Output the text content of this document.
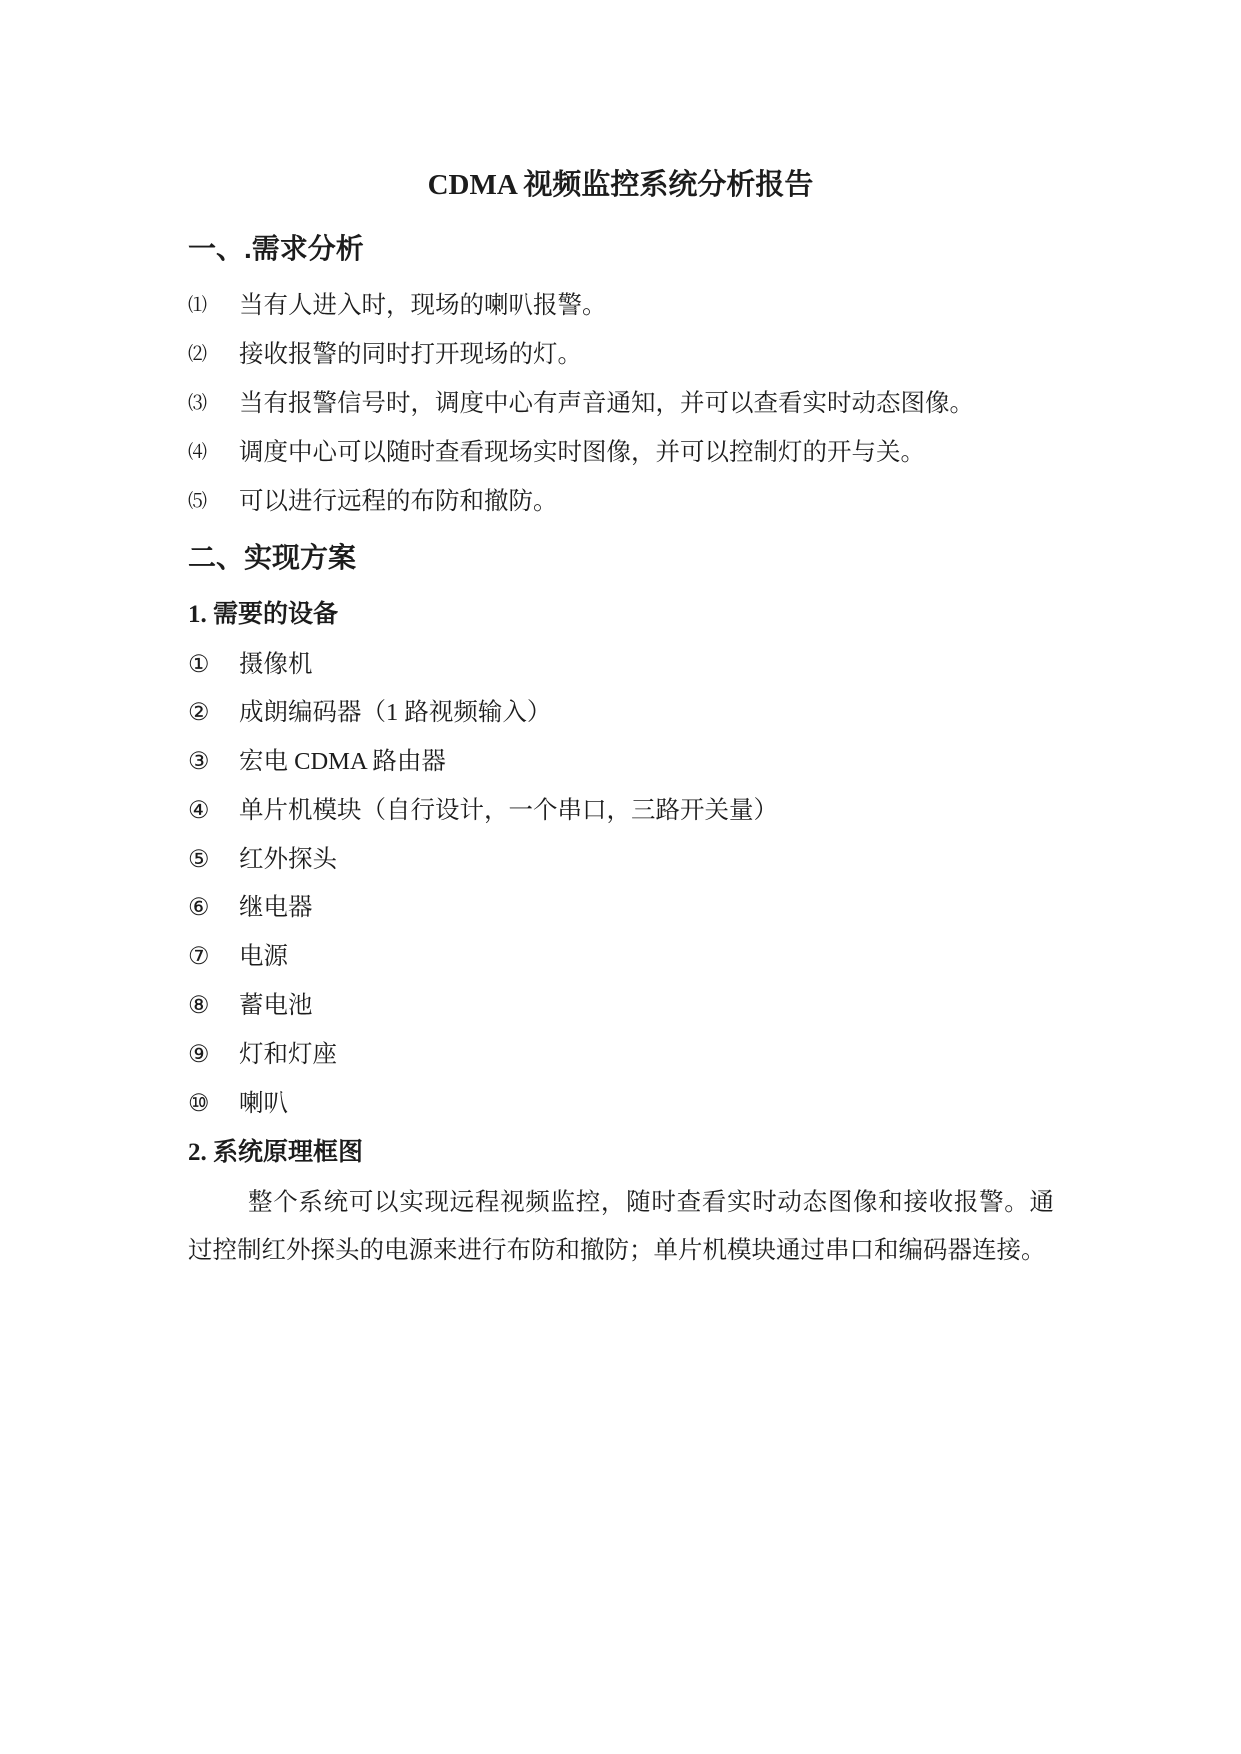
CDMA 视频监控系统分析报告
一、.需求分析
⑴	当有人进入时，现场的喇叭报警。
⑵	接收报警的同时打开现场的灯。
⑶	当有报警信号时，调度中心有声音通知，并可以查看实时动态图像。
⑷	调度中心可以随时查看现场实时图像，并可以控制灯的开与关。
⑸	可以进行远程的布防和撤防。
二、实现方案
1. 需要的设备
①	摄像机
②	成朗编码器（1 路视频输入）
③	宏电 CDMA 路由器
④	单片机模块（自行设计，一个串口，三路开关量）
⑤	红外探头
⑥	继电器
⑦	电源
⑧	蓄电池
⑨	灯和灯座
⑩	喇叭
2. 系统原理框图

整个系统可以实现远程视频监控，随时查看实时动态图像和接收报警。通过控制红外探头的电源来进行布防和撤防；单片机模块通过串口和编码器连接。
